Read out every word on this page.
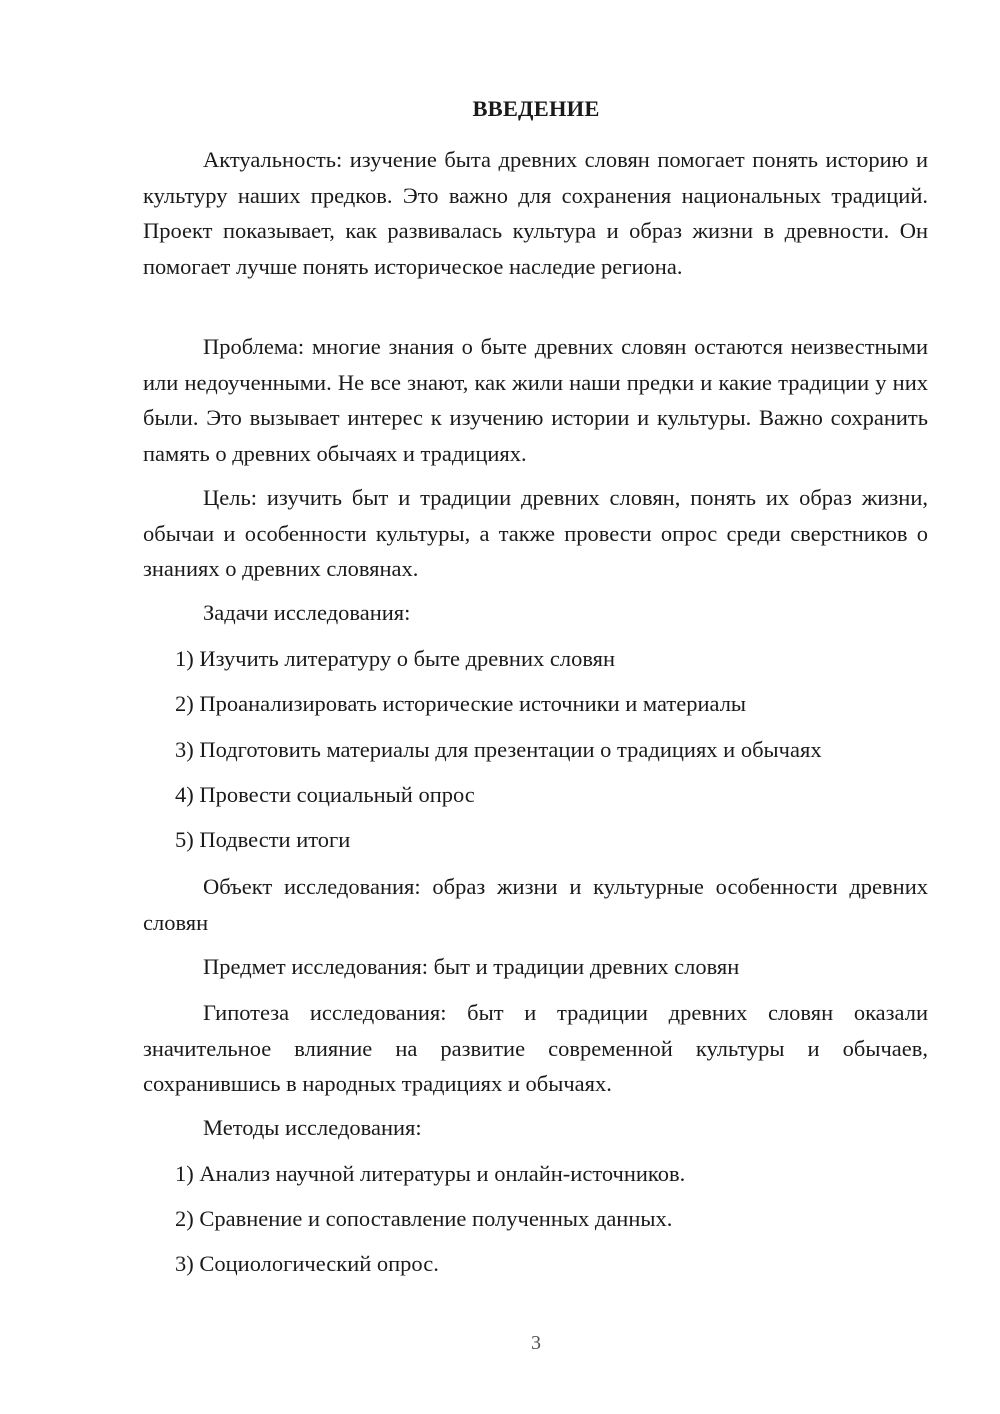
ВВЕДЕНИЕ

Актуальность: изучение быта древних словян помогает понять историю и культуру наших предков. Это важно для сохранения национальных традиций. Проект показывает, как развивалась культура и образ жизни в древности. Он помогает лучше понять историческое наследие региона.

Проблема: многие знания о быте древних словян остаются неизвестными или недоученными. Не все знают, как жили наши предки и какие традиции у них были. Это вызывает интерес к изучению истории и культуры. Важно сохранить память о древних обычаях и традициях.

Цель: изучить быт и традиции древних словян, понять их образ жизни, обычаи и особенности культуры, а также провести опрос среди сверстников о знаниях о древних словянах.

Задачи исследования:

1) Изучить литературу о быте древних словян

2) Проанализировать исторические источники и материалы

3) Подготовить материалы для презентации о традициях и обычаях

4) Провести социальный опрос

5) Подвести итоги

Объект исследования: образ жизни и культурные особенности древних словян

Предмет исследования: быт и традиции древних словян

Гипотеза исследования: быт и традиции древних словян оказали значительное влияние на развитие современной культуры и обычаев, сохранившись в народных традициях и обычаях.

Методы исследования:

1) Анализ научной литературы и онлайн-источников.

2) Сравнение и сопоставление полученных данных.

3) Социологический опрос.

3
